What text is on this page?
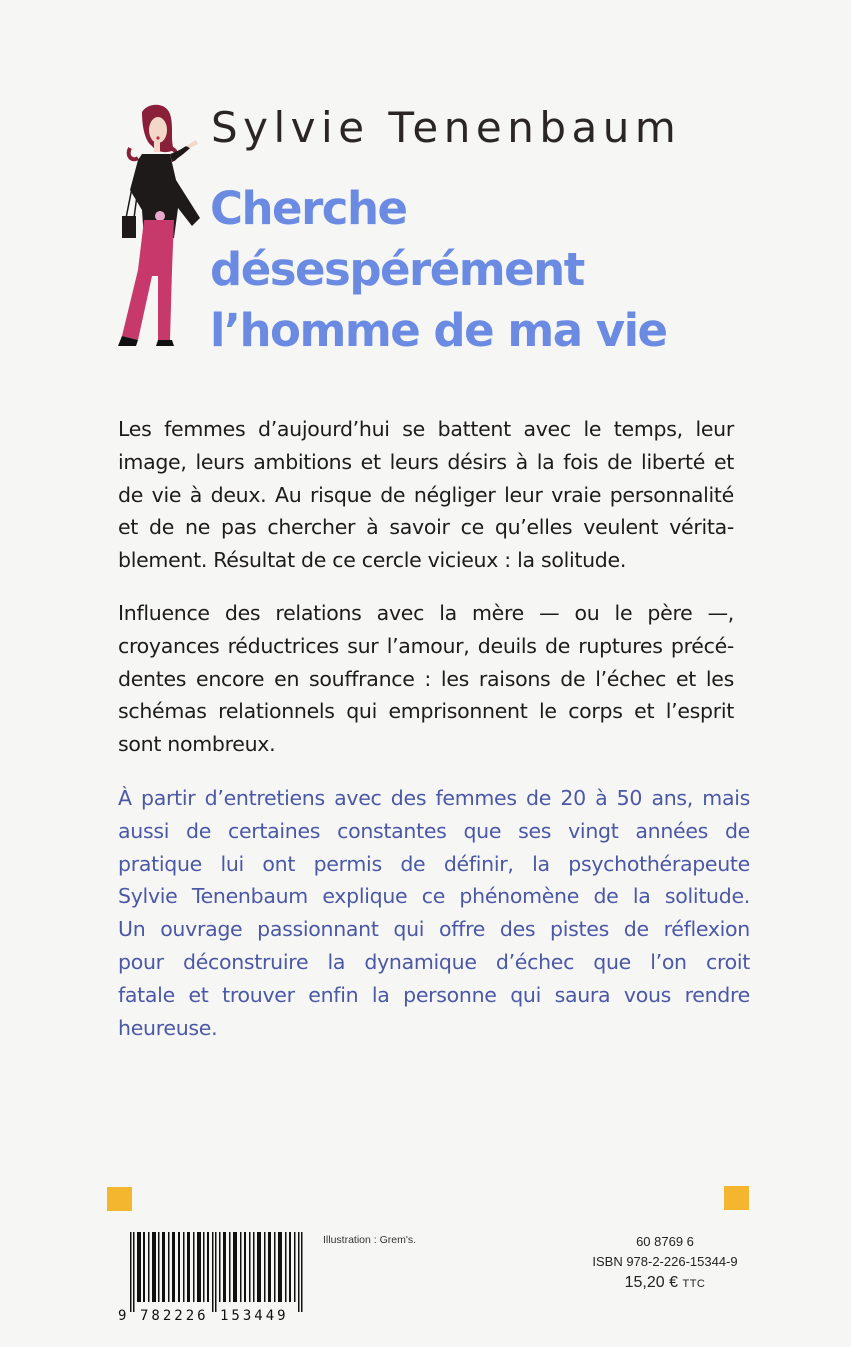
Sylvie Tenenbaum
Cherche
désespérément
l’homme de ma vie
Les femmes d’aujourd’hui se battent avec le temps, leur
image, leurs ambitions et leurs désirs à la fois de liberté et
de vie à deux. Au risque de négliger leur vraie personnalité
et de ne pas chercher à savoir ce qu’elles veulent vérita-
blement. Résultat de ce cercle vicieux : la solitude.
Influence des relations avec la mère — ou le père —,
croyances réductrices sur l’amour, deuils de ruptures précé-
dentes encore en souffrance : les raisons de l’échec et les
schémas relationnels qui emprisonnent le corps et l’esprit
sont nombreux.
À partir d’entretiens avec des femmes de 20 à 50 ans, mais
aussi de certaines constantes que ses vingt années de
pratique lui ont permis de définir, la psychothérapeute
Sylvie Tenenbaum explique ce phénomène de la solitude.
Un ouvrage passionnant qui offre des pistes de réflexion
pour déconstruire la dynamique d’échec que l’on croit
fatale et trouver enfin la personne qui saura vous rendre
heureuse.
9 782226 153449
Illustration : Grem's.	60 8769 6
ISBN 978-2-226-15344-9
15,20 € TTC
